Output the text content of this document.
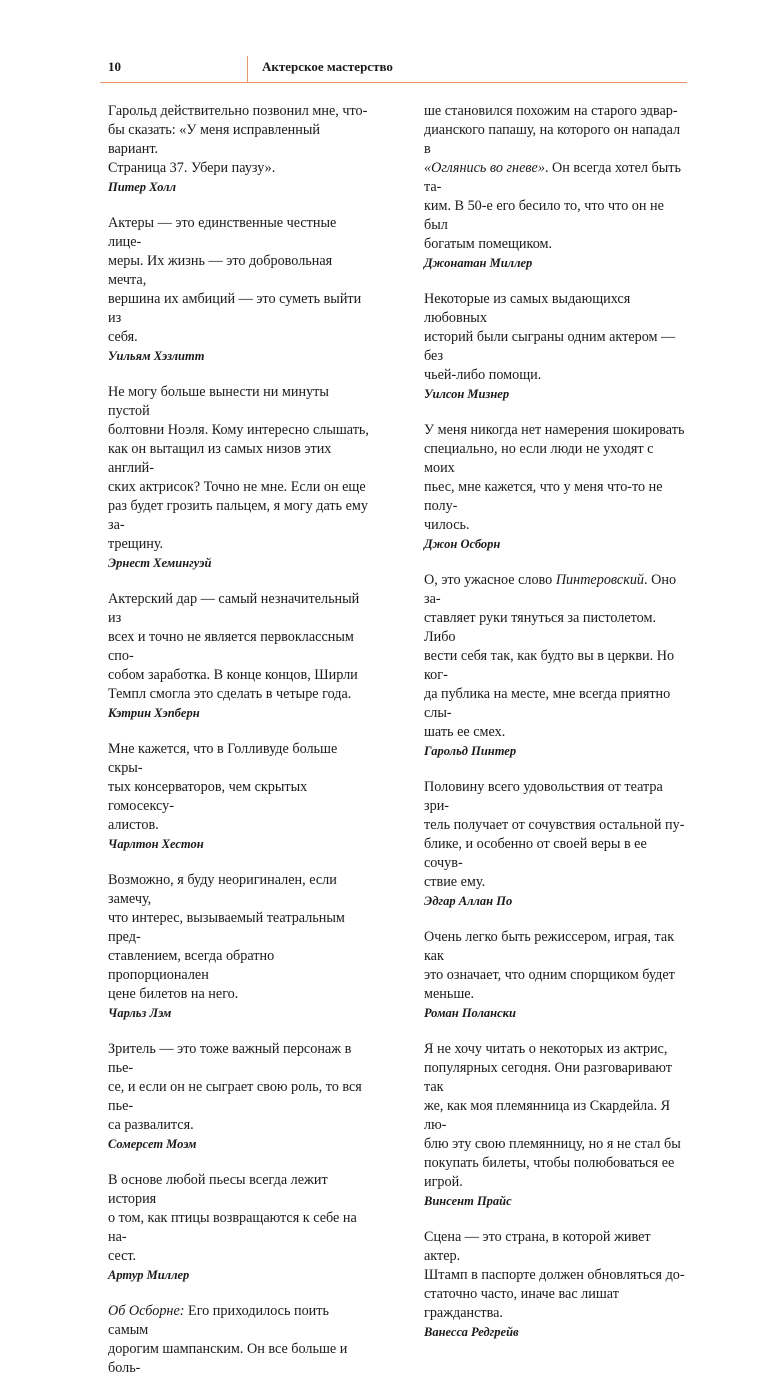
10	Актерское мастерство

Гарольд действительно позвонил мне, что-

бы сказать: «У меня исправленный вариант.

Страница 37. Убери паузу».

Питер Холл

Актеры — это единственные честные лице-

меры. Их жизнь — это добровольная мечта,

вершина их амбиций — это суметь выйти из

себя.

Уильям Хэзлитт

Не могу больше вынести ни минуты пустой

болтовни Ноэля. Кому интересно слышать,

как он вытащил из самых низов этих англий-

ских актрисок? Точно не мне. Если он еще

раз будет грозить пальцем, я могу дать ему за-

трещину.

Эрнест Хемингуэй

Актерский дар — самый незначительный из

всех и точно не является первоклассным спо-

собом заработка. В конце концов, Ширли

Темпл смогла это сделать в четыре года.

Кэтрин Хэпберн

Мне кажется, что в Голливуде больше скры-

тых консерваторов, чем скрытых гомосексу-

алистов.

Чарлтон Хестон

Возможно, я буду неоригинален, если замечу,

что интерес, вызываемый театральным пред-

ставлением, всегда обратно пропорционален

цене билетов на него.

Чарльз Лэм

Зритель — это тоже важный персонаж в пье-

се, и если он не сыграет свою роль, то вся пье-

са развалится.

Сомерсет Моэм

В основе любой пьесы всегда лежит история

о том, как птицы возвращаются к себе на на-

сест.

Артур Миллер

Об Осборне: Его приходилось поить самым

дорогим шампанским. Он все больше и боль-

ше становился похожим на старого эдвар-

дианского папашу, на которого он нападал в

«Оглянись во гневе». Он всегда хотел быть та-

ким. В 50-е его бесило то, что что он не был

богатым помещиком.

Джонатан Миллер

Некоторые из самых выдающихся любовных

историй были сыграны одним актером — без

чьей-либо помощи.

Уилсон Мизнер

У меня никогда нет намерения шокировать

специально, но если люди не уходят с моих

пьес, мне кажется, что у меня что-то не полу-

чилось.

Джон Осборн

О, это ужасное слово Пинтеровский. Оно за-

ставляет руки тянуться за пистолетом. Либо

вести себя так, как будто вы в церкви. Но ког-

да публика на месте, мне всегда приятно слы-

шать ее смех.

Гарольд Пинтер

Половину всего удовольствия от театра зри-

тель получает от сочувствия остальной пу-

блике, и особенно от своей веры в ее сочув-

ствие ему.

Эдгар Аллан По

Очень легко быть режиссером, играя, так как

это означает, что одним спорщиком будет

меньше.

Роман Полански

Я не хочу читать о некоторых из актрис,

популярных сегодня. Они разговаривают так

же, как моя племянница из Скардейла. Я лю-

блю эту свою племянницу, но я не стал бы

покупать билеты, чтобы полюбоваться ее

игрой.

Винсент Прайс

Сцена — это страна, в которой живет актер.

Штамп в паспорте должен обновляться до-

статочно часто, иначе вас лишат гражданства.

Ванесса Редгрейв
